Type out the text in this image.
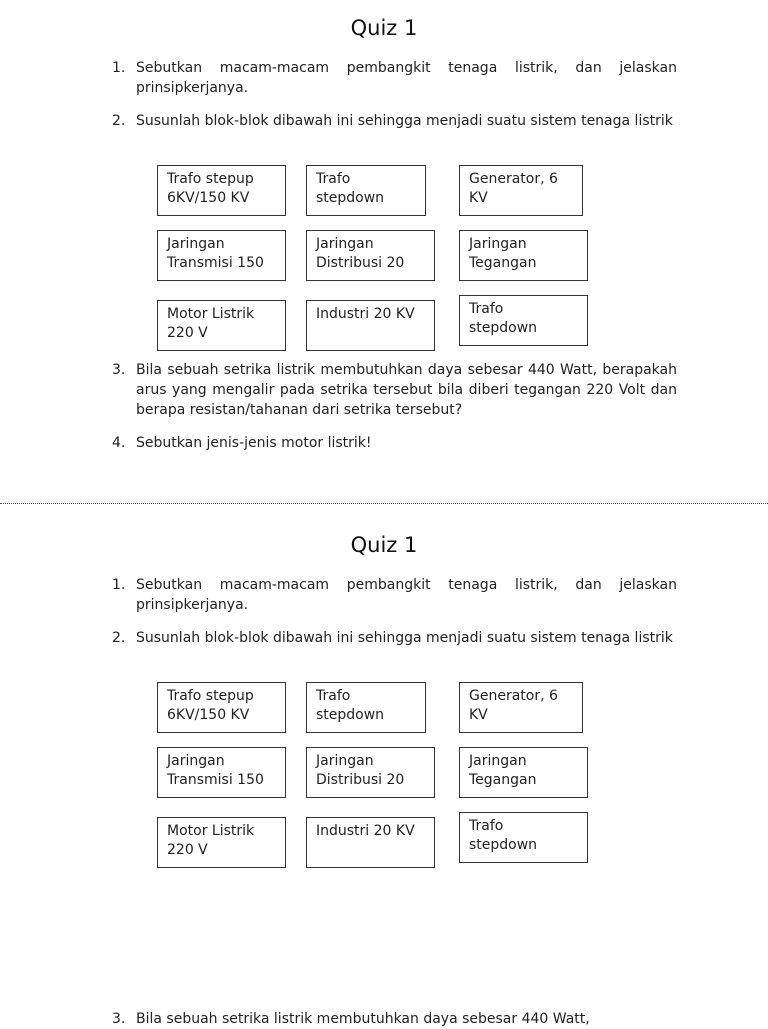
Quiz 1
1. Sebutkan macam-macam pembangkit tenaga listrik, dan jelaskan prinsipkerjanya.
2. Susunlah blok-blok dibawah ini sehingga menjadi suatu sistem tenaga listrik
Trafo stepup
6KV/150 KV
Trafo
stepdown
Generator, 6
KV
Jaringan
Transmisi 150
Jaringan
Distribusi 20
Jaringan
Tegangan
Motor Listrik
220 V
Industri 20 KV	Trafo
stepdown
3. Bila sebuah setrika listrik membutuhkan daya sebesar 440 Watt, berapakah arus yang mengalir pada setrika tersebut bila diberi tegangan 220 Volt dan berapa resistan/tahanan dari setrika tersebut?
4. Sebutkan jenis-jenis motor listrik!
Quiz 1
1. Sebutkan macam-macam pembangkit tenaga listrik, dan jelaskan prinsipkerjanya.
2. Susunlah blok-blok dibawah ini sehingga menjadi suatu sistem tenaga listrik
Trafo stepup
6KV/150 KV
Trafo
stepdown
Generator, 6
KV
Jaringan
Transmisi 150
Jaringan
Distribusi 20
Jaringan
Tegangan
Motor Listrik
220 V
Industri 20 KV	Trafo
stepdown
3. Bila sebuah setrika listrik membutuhkan daya sebesar 440 Watt,
